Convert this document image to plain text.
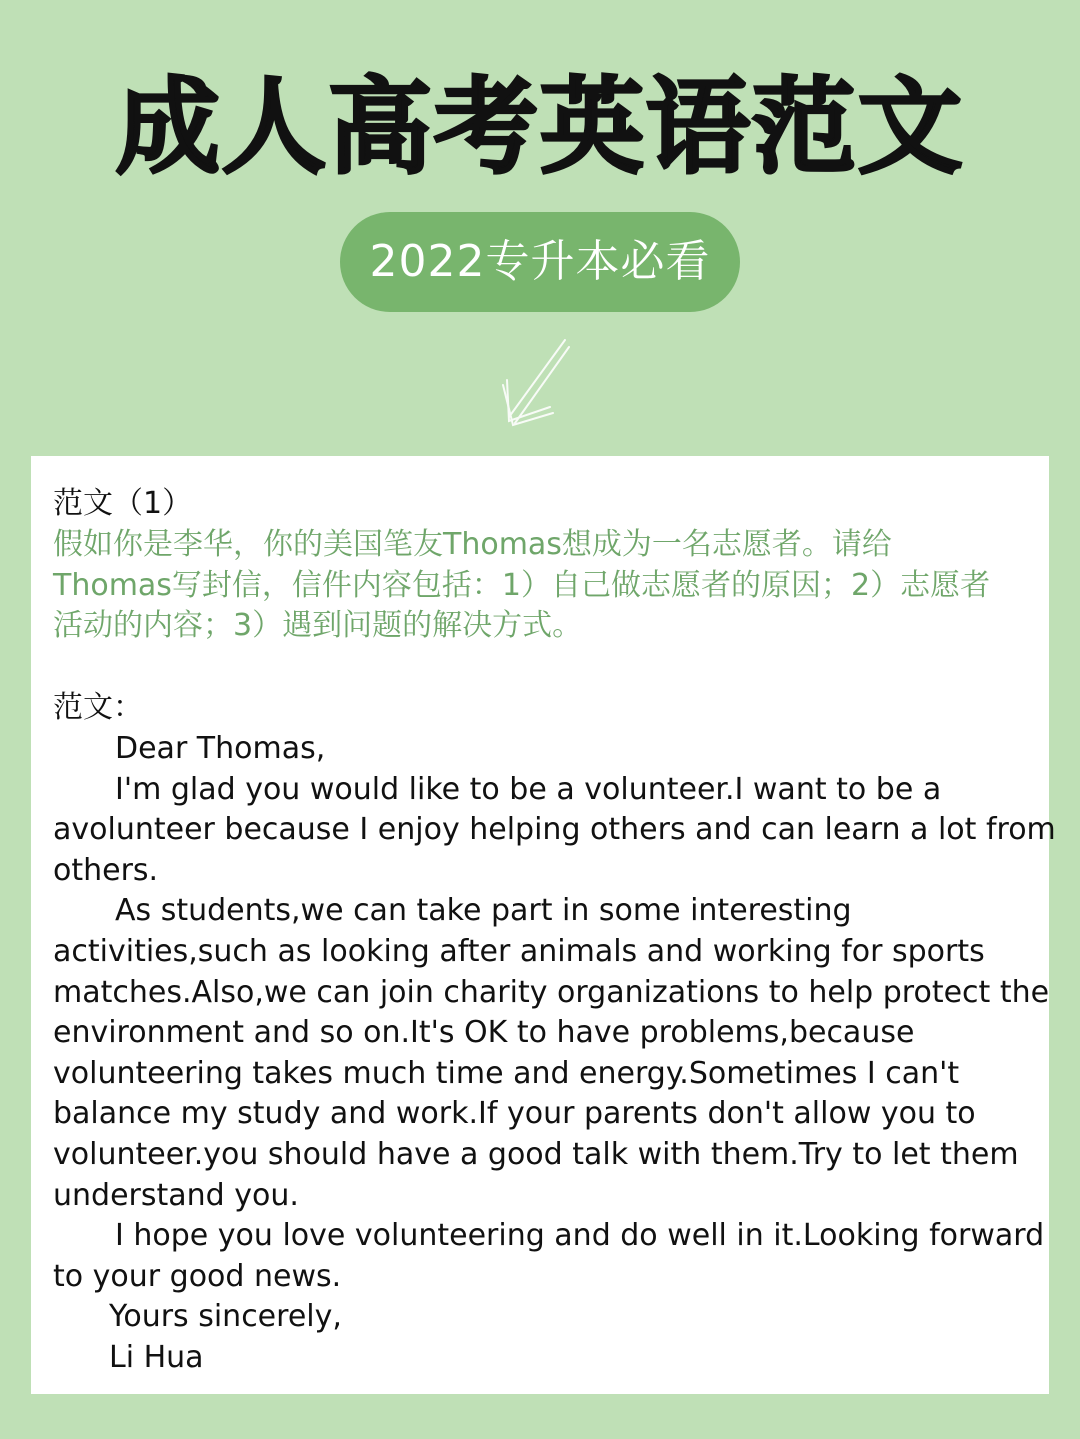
成人高考英语范文
2022专升本必看
范文（1）
假如你是李华，你的美国笔友Thomas想成为一名志愿者。请给
Thomas写封信，信件内容包括：1）自己做志愿者的原因；2）志愿者
活动的内容；3）遇到问题的解决方式。
范文：

Dear Thomas,

I'm glad you would like to be a volunteer.I want to be a
avolunteer because I enjoy helping others and can learn a lot from
others.

As students,we can take part in some interesting
activities,such as looking after animals and working for sports
matches.Also,we can join charity organizations to help protect the
environment and so on.It's OK to have problems,because
volunteering takes much time and energy.Sometimes I can't
balance my study and work.If your parents don't allow you to
volunteer.you should have a good talk with them.Try to let them
understand you.

I hope you love volunteering and do well in it.Looking forward
to your good news.

Yours sincerely,

Li Hua
